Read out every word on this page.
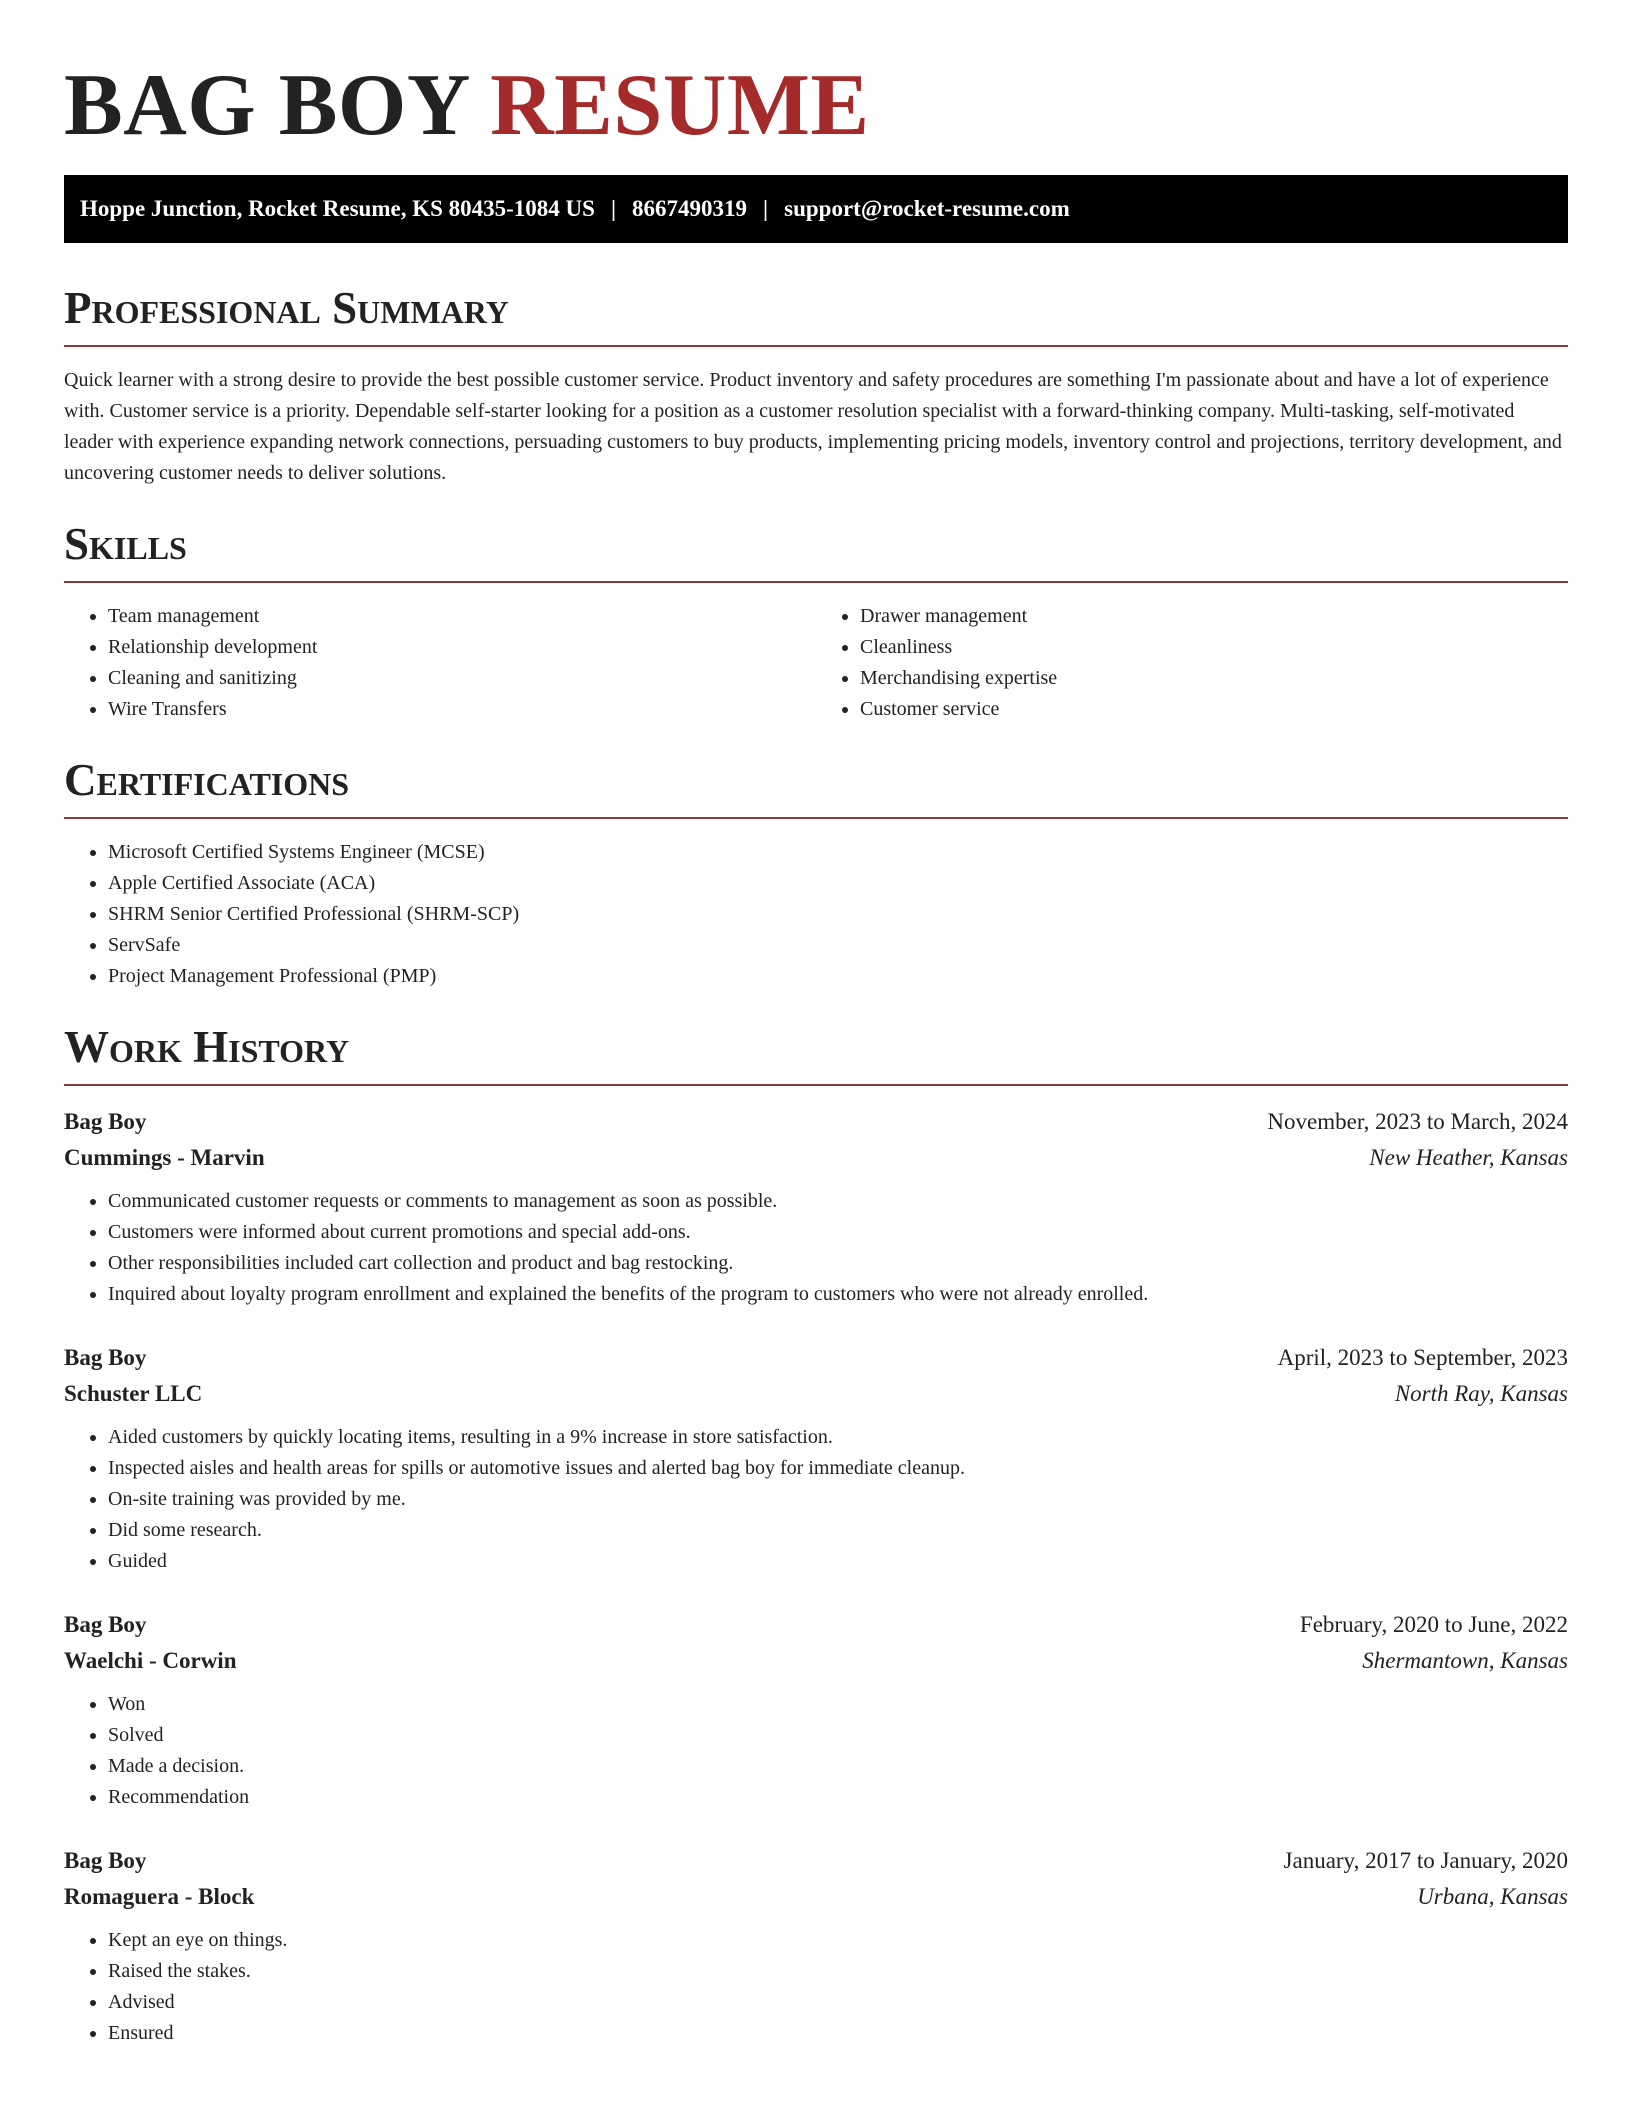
BAG BOY RESUME
Hoppe Junction, Rocket Resume, KS 80435-1084 US | 8667490319 | support@rocket-resume.com
Professional Summary

Quick learner with a strong desire to provide the best possible customer service. Product inventory and safety procedures are something I'm passionate about and have a lot of experience with. Customer service is a priority. Dependable self-starter looking for a position as a customer resolution specialist with a forward-thinking company. Multi-tasking, self-motivated leader with experience expanding network connections, persuading customers to buy products, implementing pricing models, inventory control and projections, territory development, and uncovering customer needs to deliver solutions.

Skills
• Team management
• Relationship development
• Cleaning and sanitizing
• Wire Transfers
• Drawer management
• Cleanliness
• Merchandising expertise
• Customer service
Certifications
• Microsoft Certified Systems Engineer (MCSE)
• Apple Certified Associate (ACA)
• SHRM Senior Certified Professional (SHRM-SCP)
• ServSafe
• Project Management Professional (PMP)
Work History
Bag Boy	November, 2023 to March, 2024
Cummings - Marvin	New Heather, Kansas
• Communicated customer requests or comments to management as soon as possible.
• Customers were informed about current promotions and special add-ons.
• Other responsibilities included cart collection and product and bag restocking.
• Inquired about loyalty program enrollment and explained the benefits of the program to customers who were not already enrolled.
Bag Boy	April, 2023 to September, 2023
Schuster LLC	North Ray, Kansas
• Aided customers by quickly locating items, resulting in a 9% increase in store satisfaction.
• Inspected aisles and health areas for spills or automotive issues and alerted bag boy for immediate cleanup.
• On-site training was provided by me.
• Did some research.
• Guided
Bag Boy	February, 2020 to June, 2022
Waelchi - Corwin	Shermantown, Kansas
• Won
• Solved
• Made a decision.
• Recommendation
Bag Boy	January, 2017 to January, 2020
Romaguera - Block	Urbana, Kansas
• Kept an eye on things.
• Raised the stakes.
• Advised
• Ensured
